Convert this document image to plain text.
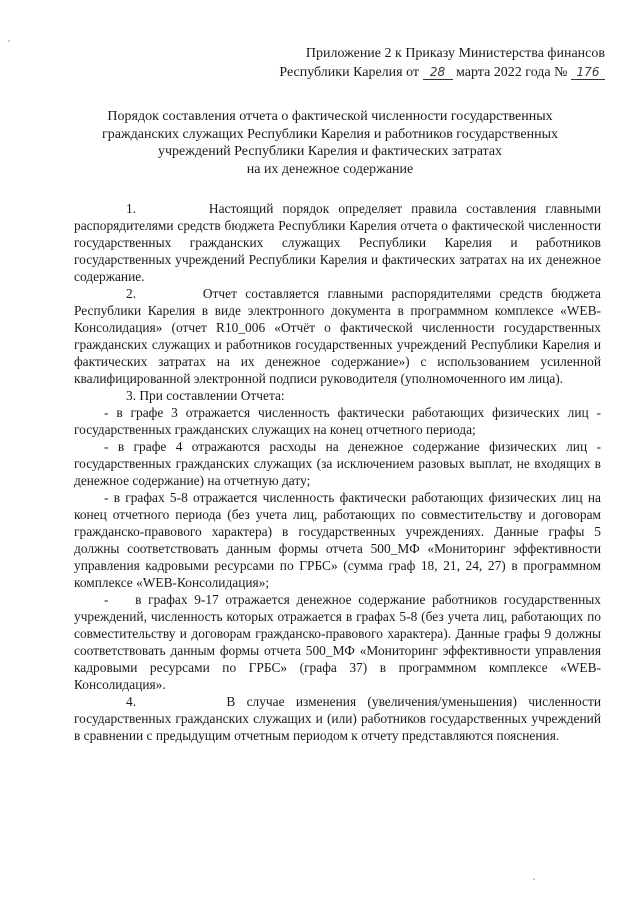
Приложение 2 к Приказу Министерства финансов
Республики Карелия от 28 марта 2022 года № 176
Порядок составления отчета о фактической численности государственных
гражданских служащих Республики Карелия и работников государственных
учреждений Республики Карелия и фактических затратах
на их денежное содержание

1.        Настоящий порядок определяет правила составления главными распорядителями средств бюджета Республики Карелия отчета о фактической численности государственных гражданских служащих Республики Карелия и работников государственных учреждений Республики Карелия и фактических затратах на их денежное содержание.

2.        Отчет составляется главными распорядителями средств бюджета Республики Карелия в виде электронного документа в программном комплексе «WEB-Консолидация» (отчет R10_006 «Отчёт о фактической численности государственных гражданских служащих и работников государственных учреждений Республики Карелия и фактических затратах на их денежное содержание») с использованием усиленной квалифицированной электронной подписи руководителя (уполномоченного им лица).

3. При составлении Отчета:

- в графе 3 отражается численность фактически работающих физических лиц - государственных гражданских служащих на конец отчетного периода;

- в графе 4 отражаются расходы на денежное содержание физических лиц - государственных гражданских служащих (за исключением разовых выплат, не входящих в денежное содержание) на отчетную дату;

- в графах 5-8 отражается численность фактически работающих физических лиц на конец отчетного периода (без учета лиц, работающих по совместительству и договорам гражданско-правового характера) в государственных учреждениях. Данные графы 5 должны соответствовать данным формы отчета 500_МФ «Мониторинг эффективности управления кадровыми ресурсами по ГРБС» (сумма граф 18, 21, 24, 27) в программном комплексе «WEB-Консолидация»;

-    в графах 9-17 отражается денежное содержание работников государственных учреждений, численность которых отражается в графах 5-8 (без учета лиц, работающих по совместительству и договорам гражданско-правового характера). Данные графы 9 должны соответствовать данным формы отчета 500_МФ «Мониторинг эффективности управления кадровыми ресурсами по ГРБС» (графа 37) в программном комплексе «WEB-Консолидация».

4.        В случае изменения (увеличения/уменьшения) численности государственных гражданских служащих и (или) работников государственных учреждений в сравнении с предыдущим отчетным периодом к отчету представляются пояснения.
